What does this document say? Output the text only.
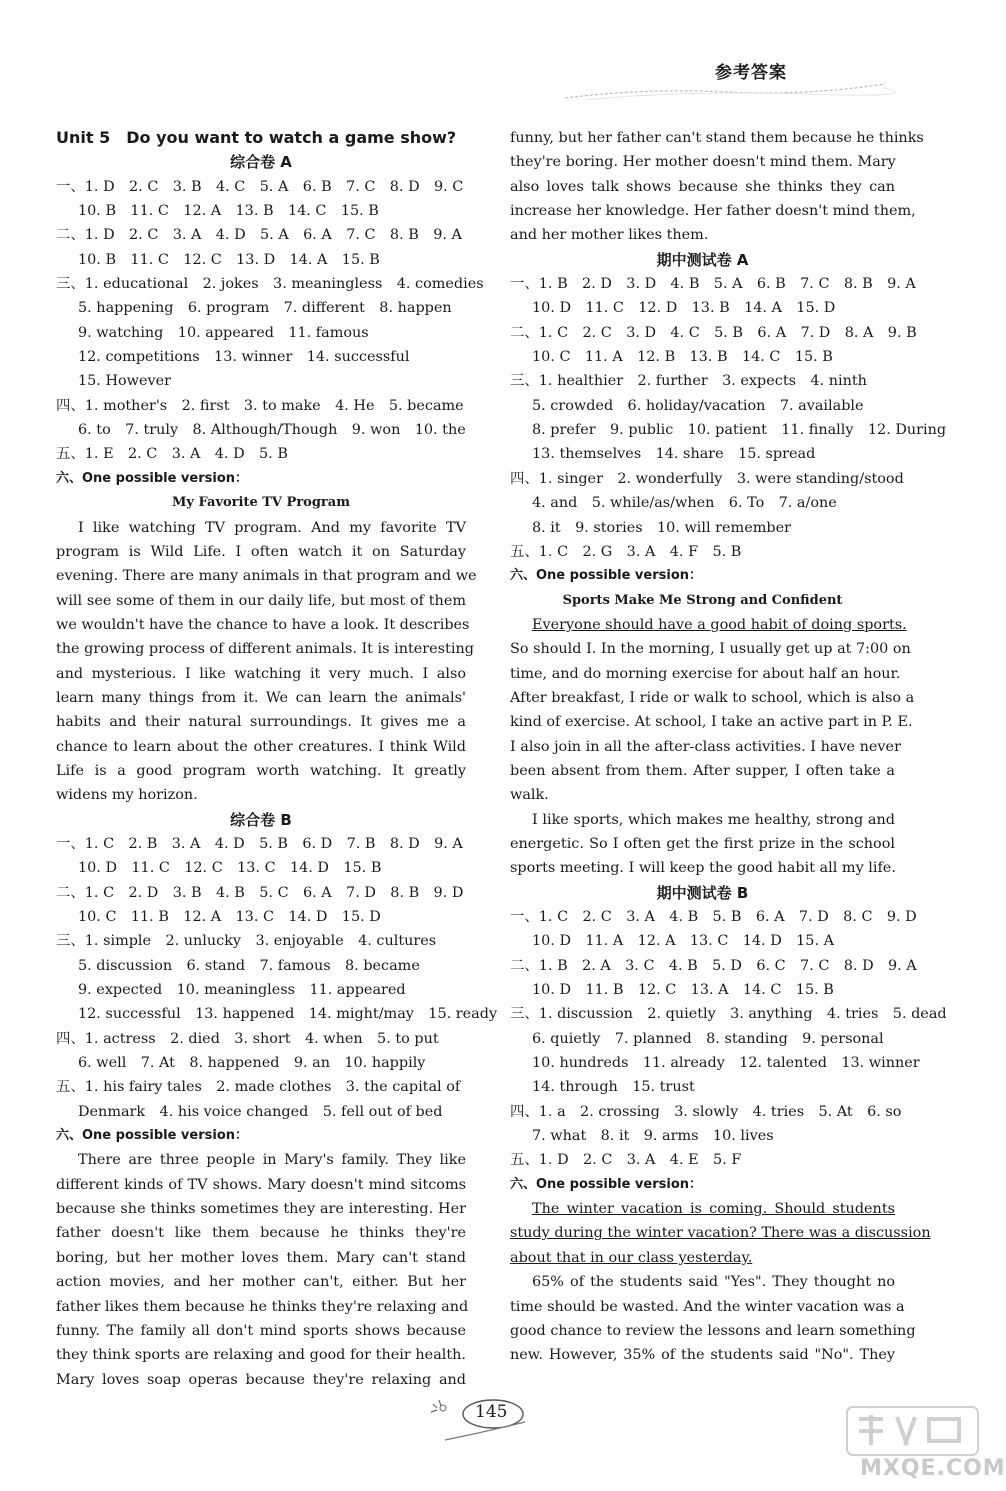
参考答案
Unit 5　Do you want to watch a game show?
综合卷 A
一、1. D　2. C　3. B　4. C　5. A　6. B　7. C　8. D　9. C
10. B　11. C　12. A　13. B　14. C　15. B
二、1. D　2. C　3. A　4. D　5. A　6. A　7. C　8. B　9. A
10. B　11. C　12. C　13. D　14. A　15. B
三、1. educational　2. jokes　3. meaningless　4. comedies
5. happening　6. program　7. different　8. happen
9. watching　10. appeared　11. famous
12. competitions　13. winner　14. successful
15. However
四、1. mother's　2. first　3. to make　4. He　5. became
6. to　7. truly　8. Although/Though　9. won　10. the
五、1. E　2. C　3. A　4. D　5. B
六、One possible version：
My Favorite TV Program
I like watching TV program. And my favorite TV
program is Wild Life. I often watch it on Saturday
evening. There are many animals in that program and we
will see some of them in our daily life, but most of them
we wouldn't have the chance to have a look. It describes
the growing process of different animals. It is interesting
and mysterious. I like watching it very much. I also
learn many things from it. We can learn the animals'
habits and their natural surroundings. It gives me a
chance to learn about the other creatures. I think Wild
Life is a good program worth watching. It greatly
widens my horizon.
综合卷 B
一、1. C　2. B　3. A　4. D　5. B　6. D　7. B　8. D　9. A
10. D　11. C　12. C　13. C　14. D　15. B
二、1. C　2. D　3. B　4. B　5. C　6. A　7. D　8. B　9. D
10. C　11. B　12. A　13. C　14. D　15. D
三、1. simple　2. unlucky　3. enjoyable　4. cultures
5. discussion　6. stand　7. famous　8. became
9. expected　10. meaningless　11. appeared
12. successful　13. happened　14. might/may　15. ready
四、1. actress　2. died　3. short　4. when　5. to put
6. well　7. At　8. happened　9. an　10. happily
五、1. his fairy tales　2. made clothes　3. the capital of
Denmark　4. his voice changed　5. fell out of bed
六、One possible version：
There are three people in Mary's family. They like
different kinds of TV shows. Mary doesn't mind sitcoms
because she thinks sometimes they are interesting. Her
father doesn't like them because he thinks they're
boring, but her mother loves them. Mary can't stand
action movies, and her mother can't, either. But her
father likes them because he thinks they're relaxing and
funny. The family all don't mind sports shows because
they think sports are relaxing and good for their health.
Mary loves soap operas because they're relaxing and
funny, but her father can't stand them because he thinks
they're boring. Her mother doesn't mind them. Mary
also loves talk shows because she thinks they can
increase her knowledge. Her father doesn't mind them,
and her mother likes them.
期中测试卷 A
一、1. B　2. D　3. D　4. B　5. A　6. B　7. C　8. B　9. A
10. D　11. C　12. D　13. B　14. A　15. D
二、1. C　2. C　3. D　4. C　5. B　6. A　7. D　8. A　9. B
10. C　11. A　12. B　13. B　14. C　15. B
三、1. healthier　2. further　3. expects　4. ninth
5. crowded　6. holiday/vacation　7. available
8. prefer　9. public　10. patient　11. finally　12. During
13. themselves　14. share　15. spread
四、1. singer　2. wonderfully　3. were standing/stood
4. and　5. while/as/when　6. To　7. a/one
8. it　9. stories　10. will remember
五、1. C　2. G　3. A　4. F　5. B
六、One possible version：
Sports Make Me Strong and Confident
Everyone should have a good habit of doing sports.
So should I. In the morning, I usually get up at 7:00 on
time, and do morning exercise for about half an hour.
After breakfast, I ride or walk to school, which is also a
kind of exercise. At school, I take an active part in P. E.
I also join in all the after-class activities. I have never
been absent from them. After supper, I often take a
walk.
I like sports, which makes me healthy, strong and
energetic. So I often get the first prize in the school
sports meeting. I will keep the good habit all my life.
期中测试卷 B
一、1. C　2. C　3. A　4. B　5. B　6. A　7. D　8. C　9. D
10. D　11. A　12. A　13. C　14. D　15. A
二、1. B　2. A　3. C　4. B　5. D　6. C　7. C　8. D　9. A
10. D　11. B　12. C　13. A　14. C　15. B
三、1. discussion　2. quietly　3. anything　4. tries　5. dead
6. quietly　7. planned　8. standing　9. personal
10. hundreds　11. already　12. talented　13. winner
14. through　15. trust
四、1. a　2. crossing　3. slowly　4. tries　5. At　6. so
7. what　8. it　9. arms　10. lives
五、1. D　2. C　3. A　4. E　5. F
六、One possible version：
The winter vacation is coming. Should students
study during the winter vacation? There was a discussion
about that in our class yesterday.
65% of the students said "Yes". They thought no
time should be wasted. And the winter vacation was a
good chance to review the lessons and learn something
new. However, 35% of the students said "No". They
145
MXQE.COM
